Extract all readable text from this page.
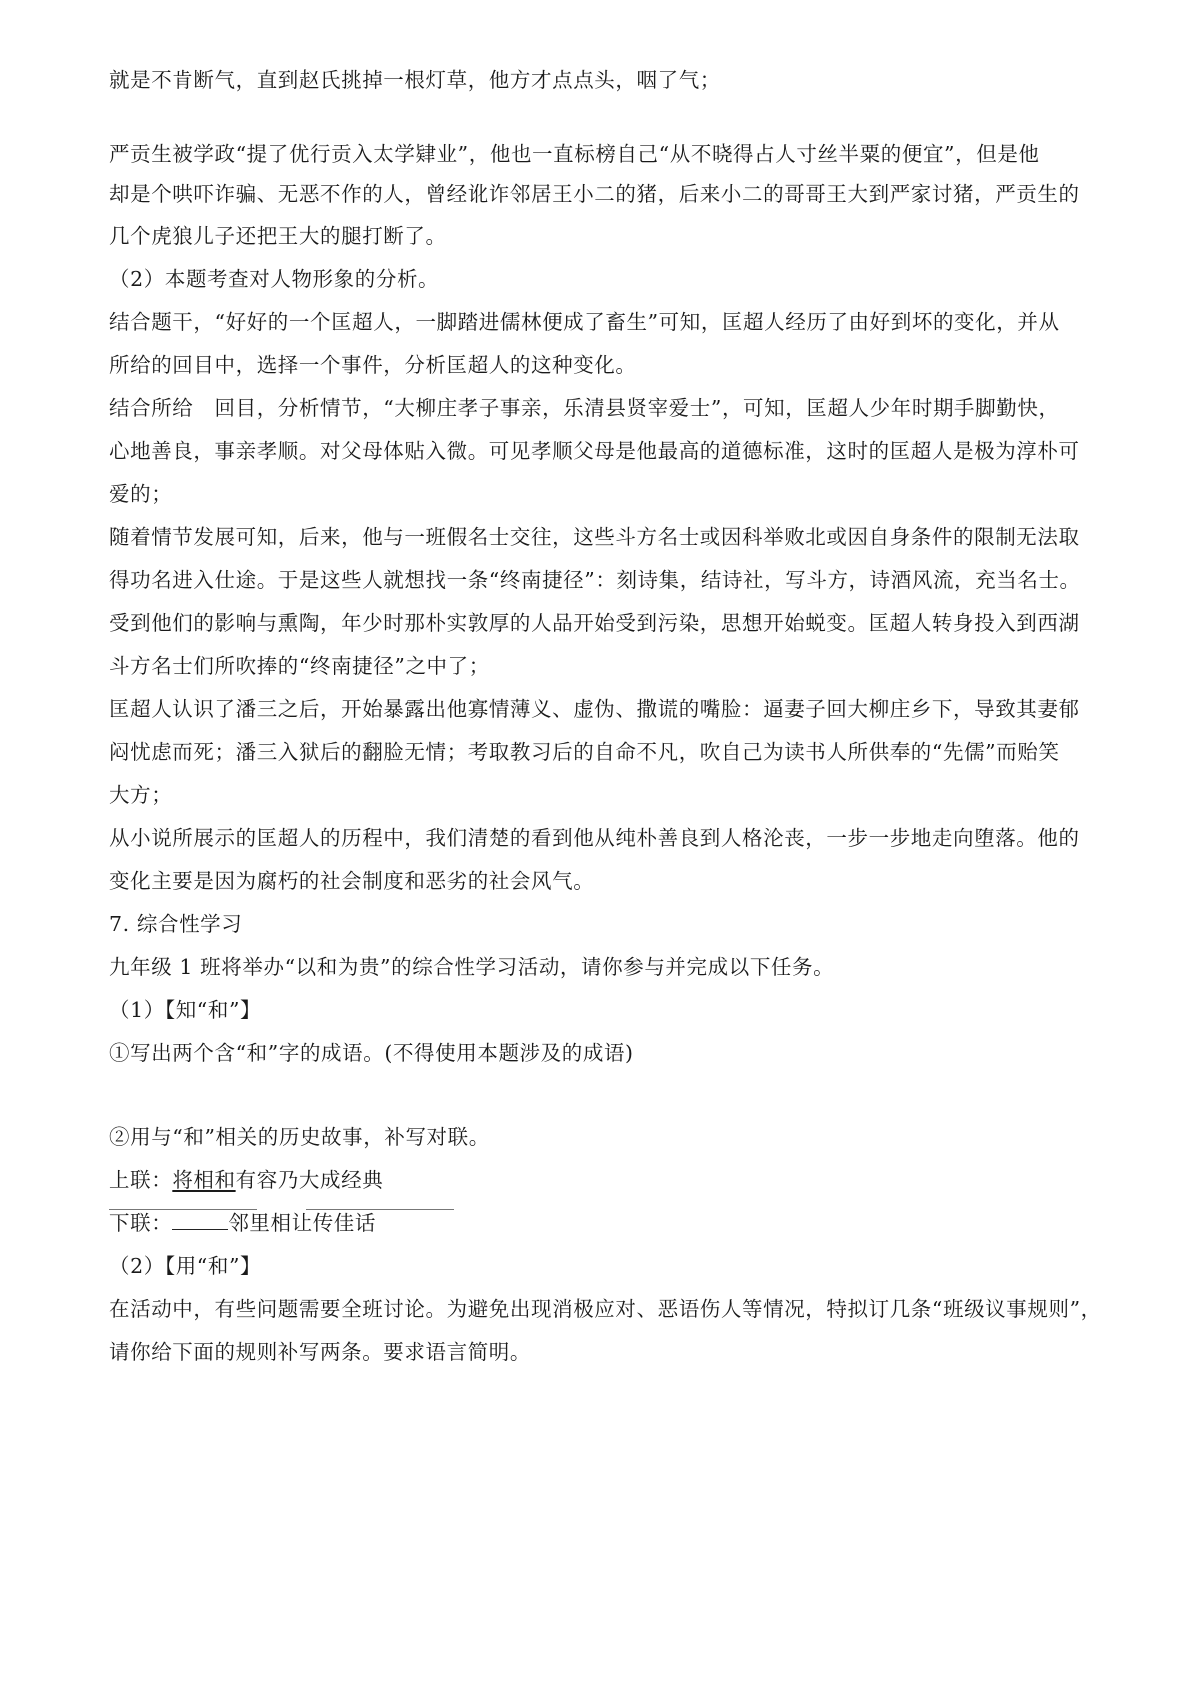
就是不肯断气，直到赵氏挑掉一根灯草，他方才点点头，咽了气；
严贡生被学政“提了优行贡入太学肄业”，他也一直标榜自己“从不晓得占人寸丝半粟的便宜”，但是他
却是个哄吓诈骗、无恶不作的人，曾经讹诈邻居王小二的猪，后来小二的哥哥王大到严家讨猪，严贡生的
几个虎狼儿子还把王大的腿打断了。
（2）本题考查对人物形象的分析。
结合题干，“好好的一个匡超人，一脚踏进儒林便成了畜生”可知，匡超人经历了由好到坏的变化，并从
所给的回目中，选择一个事件，分析匡超人的这种变化。
结合所给　回目，分析情节，“大柳庄孝子事亲，乐清县贤宰爱士”，可知，匡超人少年时期手脚勤快，
心地善良，事亲孝顺。对父母体贴入微。可见孝顺父母是他最高的道德标准，这时的匡超人是极为淳朴可
爱的；
随着情节发展可知，后来，他与一班假名士交往，这些斗方名士或因科举败北或因自身条件的限制无法取
得功名进入仕途。于是这些人就想找一条“终南捷径”：刻诗集，结诗社，写斗方，诗酒风流，充当名士。
受到他们的影响与熏陶，年少时那朴实敦厚的人品开始受到污染，思想开始蜕变。匡超人转身投入到西湖
斗方名士们所吹捧的“终南捷径”之中了；
匡超人认识了潘三之后，开始暴露出他寡情薄义、虚伪、撒谎的嘴脸：逼妻子回大柳庄乡下，导致其妻郁
闷忧虑而死；潘三入狱后的翻脸无情；考取教习后的自命不凡，吹自己为读书人所供奉的“先儒”而贻笑
大方；
从小说所展示的匡超人的历程中，我们清楚的看到他从纯朴善良到人格沦丧，一步一步地走向堕落。他的
变化主要是因为腐朽的社会制度和恶劣的社会风气。
7. 综合性学习
九年级 1 班将举办“以和为贵”的综合性学习活动，请你参与并完成以下任务。
（1）【知“和”】
①写出两个含“和”字的成语。(不得使用本题涉及的成语)
②用与“和”相关的历史故事，补写对联。
上联：将相和有容乃大成经典
下联：	邻里相让传佳话
（2）【用“和”】
在活动中，有些问题需要全班讨论。为避免出现消极应对、恶语伤人等情况，特拟订几条“班级议事规则”，
请你给下面的规则补写两条。要求语言简明。
